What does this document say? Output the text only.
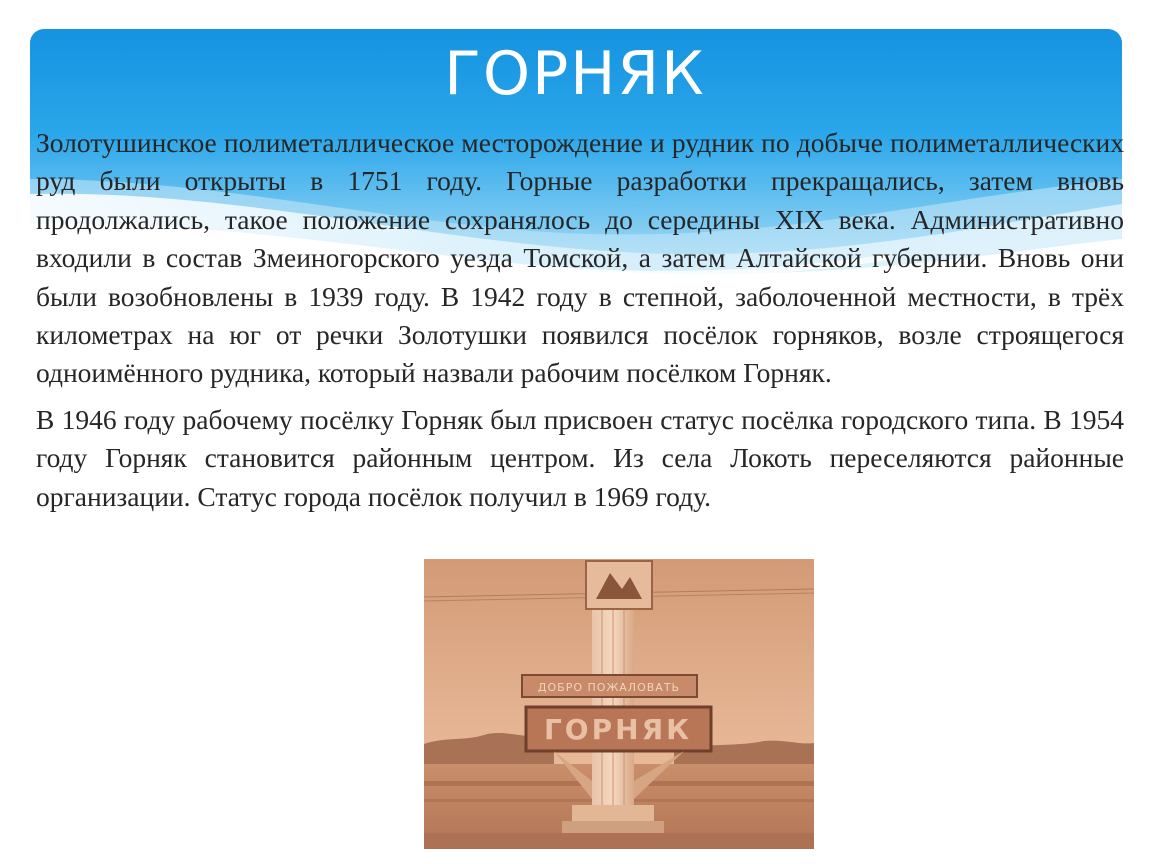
ГОРНЯК

Золотушинское полиметаллическое месторождение и рудник по добыче полиметаллических руд были открыты в 1751 году. Горные разработки прекращались, затем вновь продолжались, такое положение сохранялось до середины XIX века. Административно входили в состав Змеиногорского уезда Томской, а затем Алтайской губернии. Вновь они были возобновлены в 1939 году. В 1942 году в степной, заболоченной местности, в трёх километрах на юг от речки Золотушки появился посёлок горняков, возле строящегося одноимённого рудника, который назвали рабочим посёлком Горняк.

В 1946 году рабочему посёлку Горняк был присвоен статус посёлка городского типа. В 1954 году Горняк становится районным центром. Из села Локоть переселяются районные организации. Статус города посёлок получил в 1969 году.

ДОБРО ПОЖАЛОВАТЬ
ГОРНЯК
